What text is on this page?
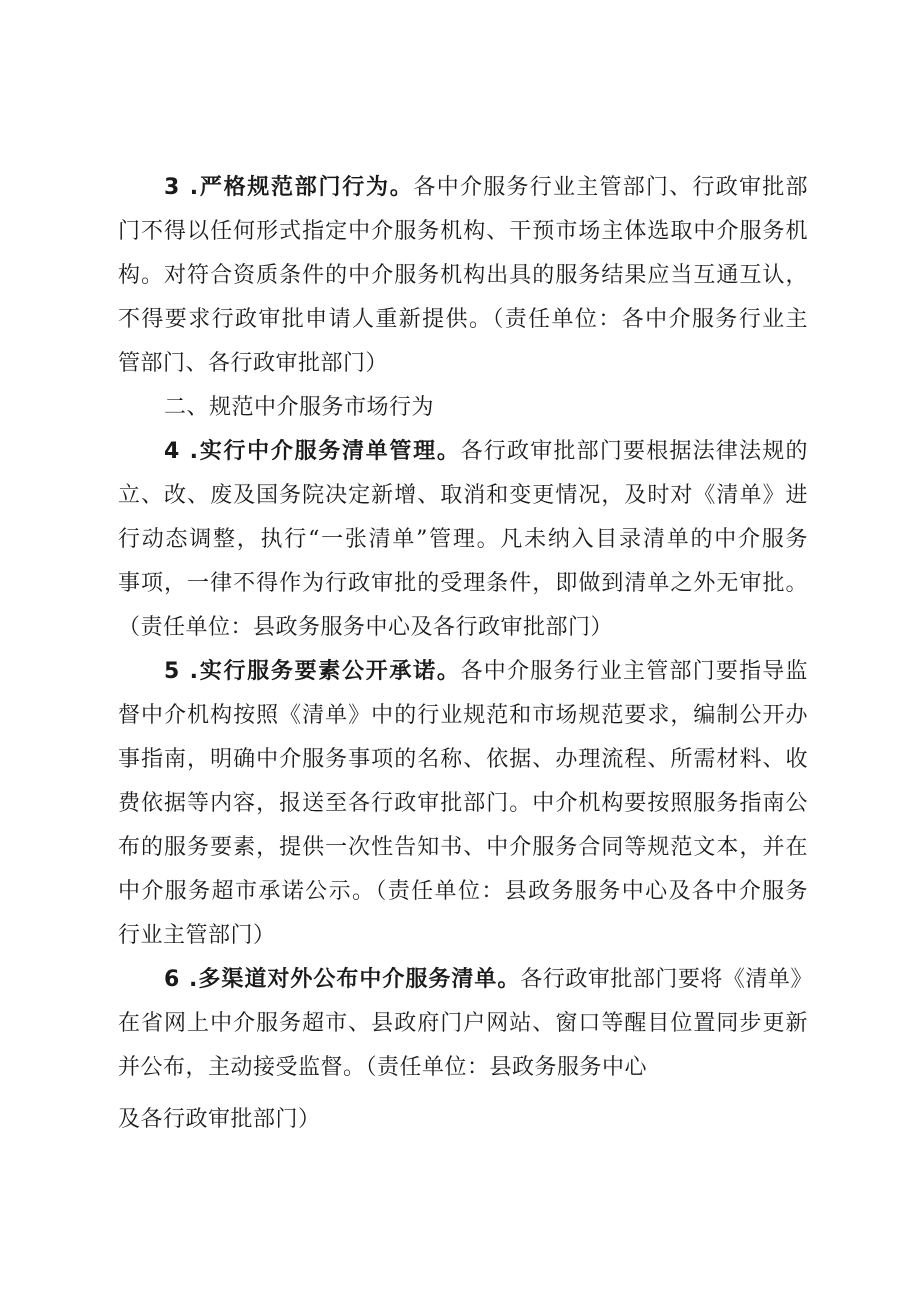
3 .严格规范部门行为。各中介服务行业主管部门、行政审批部
门不得以任何形式指定中介服务机构、干预市场主体选取中介服务机
构。对符合资质条件的中介服务机构出具的服务结果应当互通互认，
不得要求行政审批申请人重新提供。（责任单位：各中介服务行业主
管部门、各行政审批部门）
二、规范中介服务市场行为
4 .实行中介服务清单管理。各行政审批部门要根据法律法规的
立、改、废及国务院决定新增、取消和变更情况，及时对《清单》进
行动态调整，执行“一张清单”管理。凡未纳入目录清单的中介服务
事项，一律不得作为行政审批的受理条件，即做到清单之外无审批。
（责任单位：县政务服务中心及各行政审批部门）
5 .实行服务要素公开承诺。各中介服务行业主管部门要指导监
督中介机构按照《清单》中的行业规范和市场规范要求，编制公开办
事指南，明确中介服务事项的名称、依据、办理流程、所需材料、收
费依据等内容，报送至各行政审批部门。中介机构要按照服务指南公
布的服务要素，提供一次性告知书、中介服务合同等规范文本，并在
中介服务超市承诺公示。（责任单位：县政务服务中心及各中介服务
行业主管部门）
6 .多渠道对外公布中介服务清单。各行政审批部门要将《清单》
在省网上中介服务超市、县政府门户网站、窗口等醒目位置同步更新
并公布，主动接受监督。（责任单位：县政务服务中心
及各行政审批部门）
